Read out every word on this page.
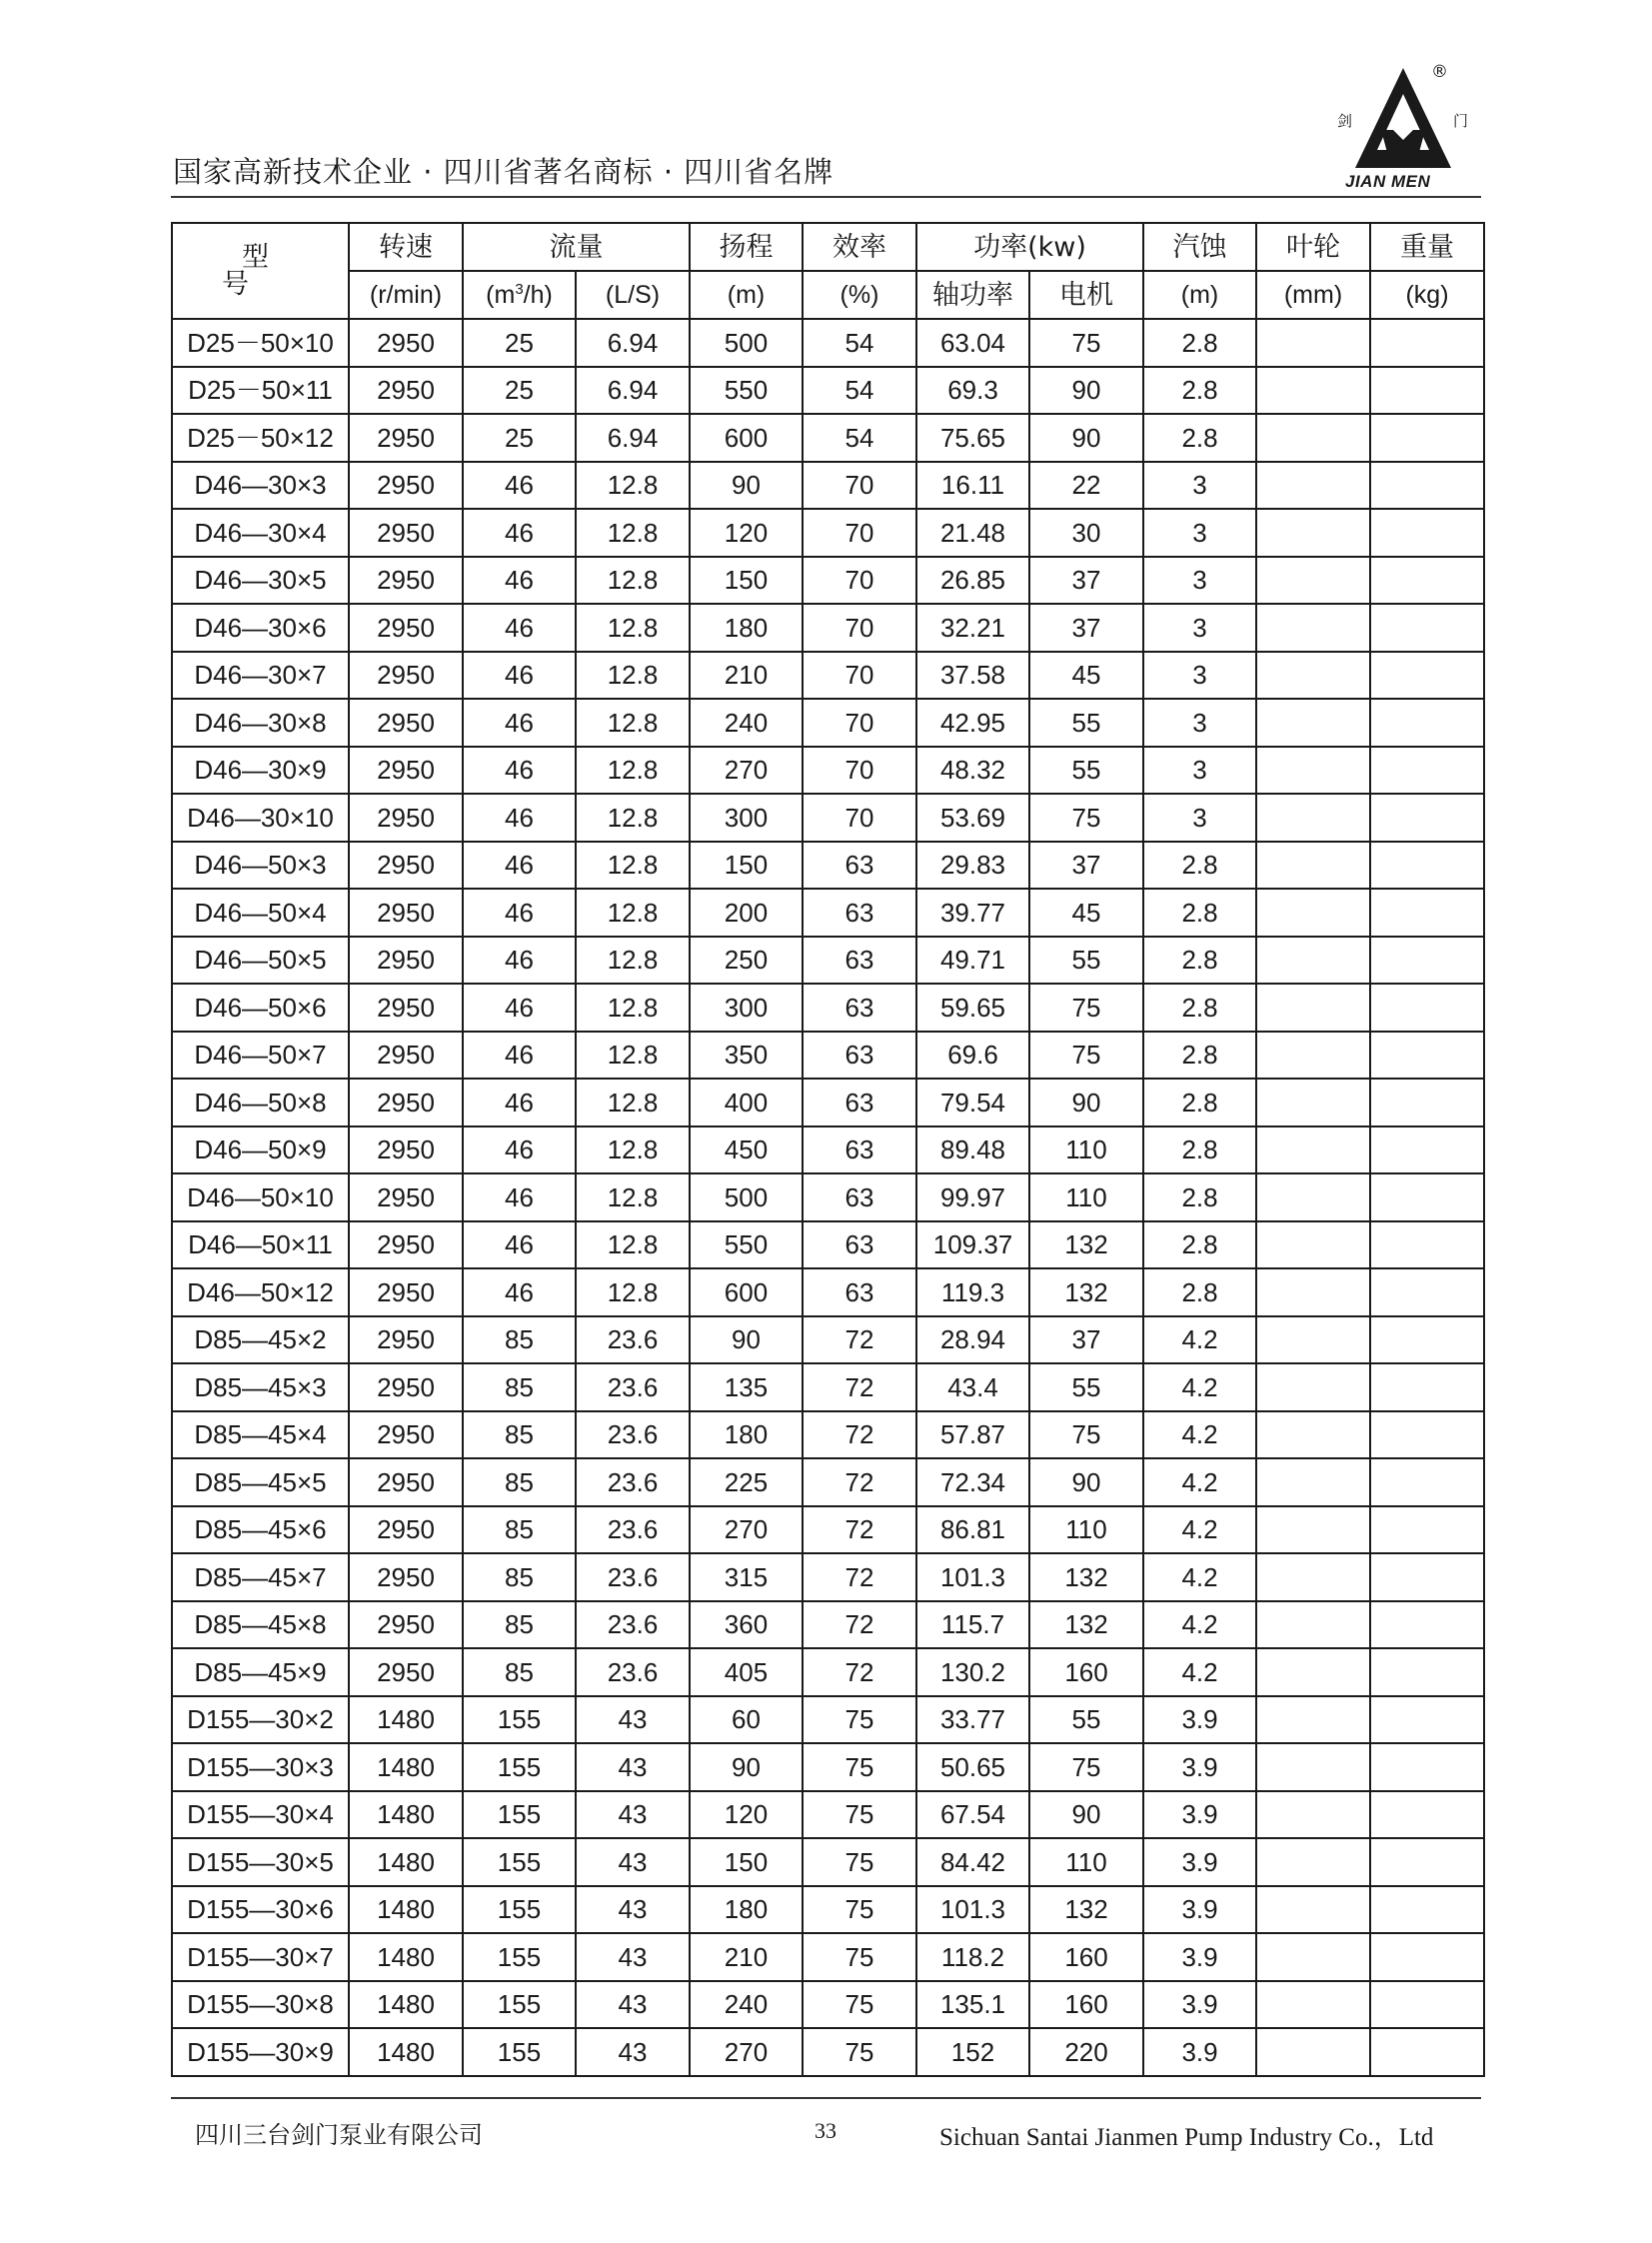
国家高新技术企业 · 四川省著名商标 · 四川省名牌
®
剑	门
JIAN MEN
型号	转速	流量		扬程	效率	功率(kw)		汽蚀	叶轮	重量
	(r/min)	$(m^3/h)$	(L/S)	(m)	(%)	轴功率	电机	(m)	(mm)	(kg)
D25－50×10	2950	25	6.94	500	54	63.04	75	2.8		
D25－50×11	2950	25	6.94	550	54	69.3	90	2.8		
D25－50×12	2950	25	6.94	600	54	75.65	90	2.8		
D46—30×3	2950	46	12.8	90	70	16.11	22	3		
D46—30×4	2950	46	12.8	120	70	21.48	30	3		
D46—30×5	2950	46	12.8	150	70	26.85	37	3		
D46—30×6	2950	46	12.8	180	70	32.21	37	3		
D46—30×7	2950	46	12.8	210	70	37.58	45	3		
D46—30×8	2950	46	12.8	240	70	42.95	55	3		
D46—30×9	2950	46	12.8	270	70	48.32	55	3		
D46—30×10	2950	46	12.8	300	70	53.69	75	3		
D46—50×3	2950	46	12.8	150	63	29.83	37	2.8		
D46—50×4	2950	46	12.8	200	63	39.77	45	2.8		
D46—50×5	2950	46	12.8	250	63	49.71	55	2.8		
D46—50×6	2950	46	12.8	300	63	59.65	75	2.8		
D46—50×7	2950	46	12.8	350	63	69.6	75	2.8		
D46—50×8	2950	46	12.8	400	63	79.54	90	2.8		
D46—50×9	2950	46	12.8	450	63	89.48	110	2.8		
D46—50×10	2950	46	12.8	500	63	99.97	110	2.8		
D46—50×11	2950	46	12.8	550	63	109.37	132	2.8		
D46—50×12	2950	46	12.8	600	63	119.3	132	2.8		
D85—45×2	2950	85	23.6	90	72	28.94	37	4.2		
D85—45×3	2950	85	23.6	135	72	43.4	55	4.2		
D85—45×4	2950	85	23.6	180	72	57.87	75	4.2		
D85—45×5	2950	85	23.6	225	72	72.34	90	4.2		
D85—45×6	2950	85	23.6	270	72	86.81	110	4.2		
D85—45×7	2950	85	23.6	315	72	101.3	132	4.2		
D85—45×8	2950	85	23.6	360	72	115.7	132	4.2		
D85—45×9	2950	85	23.6	405	72	130.2	160	4.2		
D155—30×2	1480	155	43	60	75	33.77	55	3.9		
D155—30×3	1480	155	43	90	75	50.65	75	3.9		
D155—30×4	1480	155	43	120	75	67.54	90	3.9		
D155—30×5	1480	155	43	150	75	84.42	110	3.9		
D155—30×6	1480	155	43	180	75	101.3	132	3.9		
D155—30×7	1480	155	43	210	75	118.2	160	3.9		
D155—30×8	1480	155	43	240	75	135.1	160	3.9		
D155—30×9	1480	155	43	270	75	152	220	3.9		
四川三台剑门泵业有限公司	33	Sichuan Santai Jianmen Pump Industry Co.，Ltd
